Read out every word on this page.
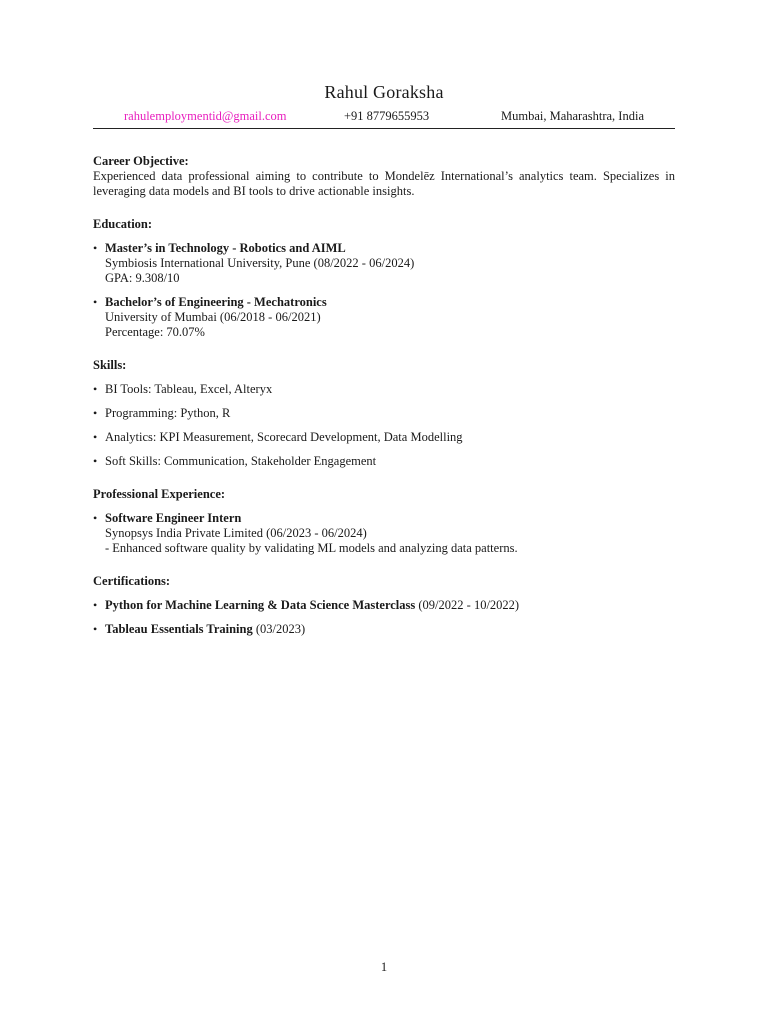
Rahul Goraksha
rahulemploymentid@gmail.com	+91 8779655953	Mumbai, Maharashtra, India

Career Objective:

Experienced data professional aiming to contribute to Mondelēz International’s analytics team. Specializes in leveraging data models and BI tools to drive actionable insights.

Education:

• Master’s in Technology - Robotics and AIML
Symbiosis International University, Pune (08/2022 - 06/2024)
GPA: 9.308/10
• Bachelor’s of Engineering - Mechatronics
University of Mumbai (06/2018 - 06/2021)
Percentage: 70.07%

Skills:

• BI Tools: Tableau, Excel, Alteryx
• Programming: Python, R
• Analytics: KPI Measurement, Scorecard Development, Data Modelling
• Soft Skills: Communication, Stakeholder Engagement

Professional Experience:

• Software Engineer Intern
Synopsys India Private Limited (06/2023 - 06/2024)
- Enhanced software quality by validating ML models and analyzing data patterns.

Certifications:

• Python for Machine Learning & Data Science Masterclass (09/2022 - 10/2022)
• Tableau Essentials Training (03/2023)
1
